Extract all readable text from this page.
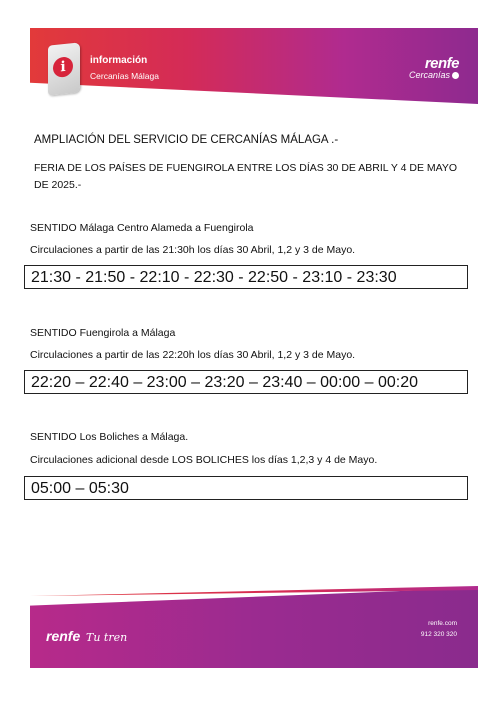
i	información
Cercanías Málaga
renfe
Cercanías
AMPLIACIÓN DEL SERVICIO DE CERCANÍAS MÁLAGA .-
FERIA DE LOS PAÍSES DE FUENGIROLA ENTRE LOS DÍAS 30 DE ABRIL Y 4 DE MAYO DE 2025.-
SENTIDO Málaga Centro Alameda a Fuengirola
Circulaciones a partir de las 21:30h los días 30 Abril, 1,2 y 3 de Mayo.
21:30 - 21:50 - 22:10 - 22:30 - 22:50 - 23:10 - 23:30
SENTIDO Fuengirola a Málaga
Circulaciones a partir de las 22:20h los días 30 Abril, 1,2 y 3 de Mayo.
22:20 – 22:40 – 23:00 – 23:20 – 23:40 – 00:00 – 00:20
SENTIDO Los Boliches a Málaga.
Circulaciones adicional desde LOS BOLICHES los días 1,2,3 y 4 de Mayo.
05:00 – 05:30
renfe Tu tren
renfe.com
912 320 320
